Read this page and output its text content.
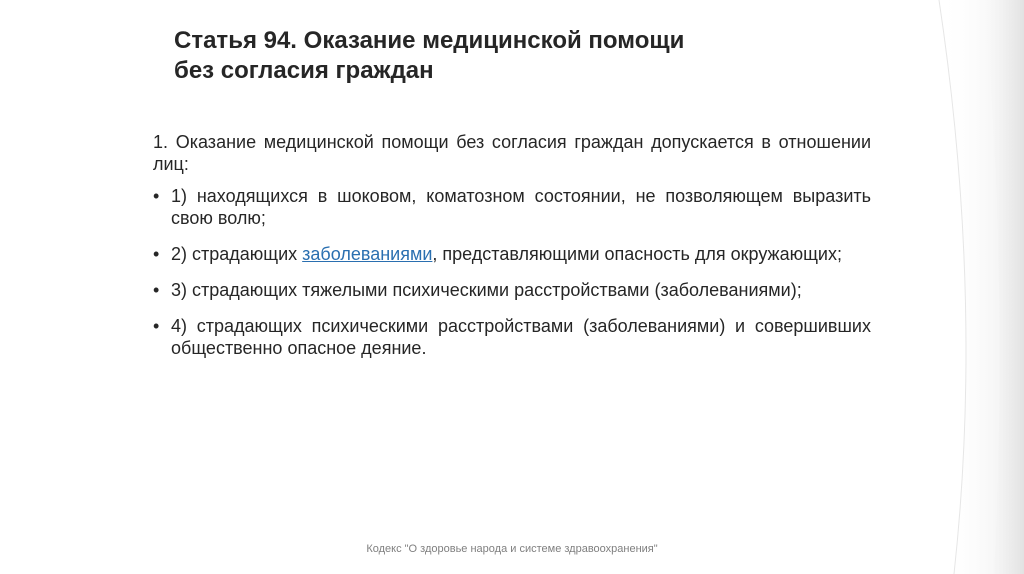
Статья 94. Оказание медицинской помощи
без согласия граждан

1. Оказание медицинской помощи без согласия граждан допускается в отношении лиц:

• 1) находящихся в шоковом, коматозном состоянии, не позволяющем выразить свою волю;
• 2) страдающих заболеваниями, представляющими опасность для окружающих;
• 3) страдающих тяжелыми психическими расстройствами (заболеваниями);
• 4) страдающих психическими расстройствами (заболеваниями) и совершивших общественно опасное деяние.
Кодекс "О здоровье народа и системе здравоохранения"
